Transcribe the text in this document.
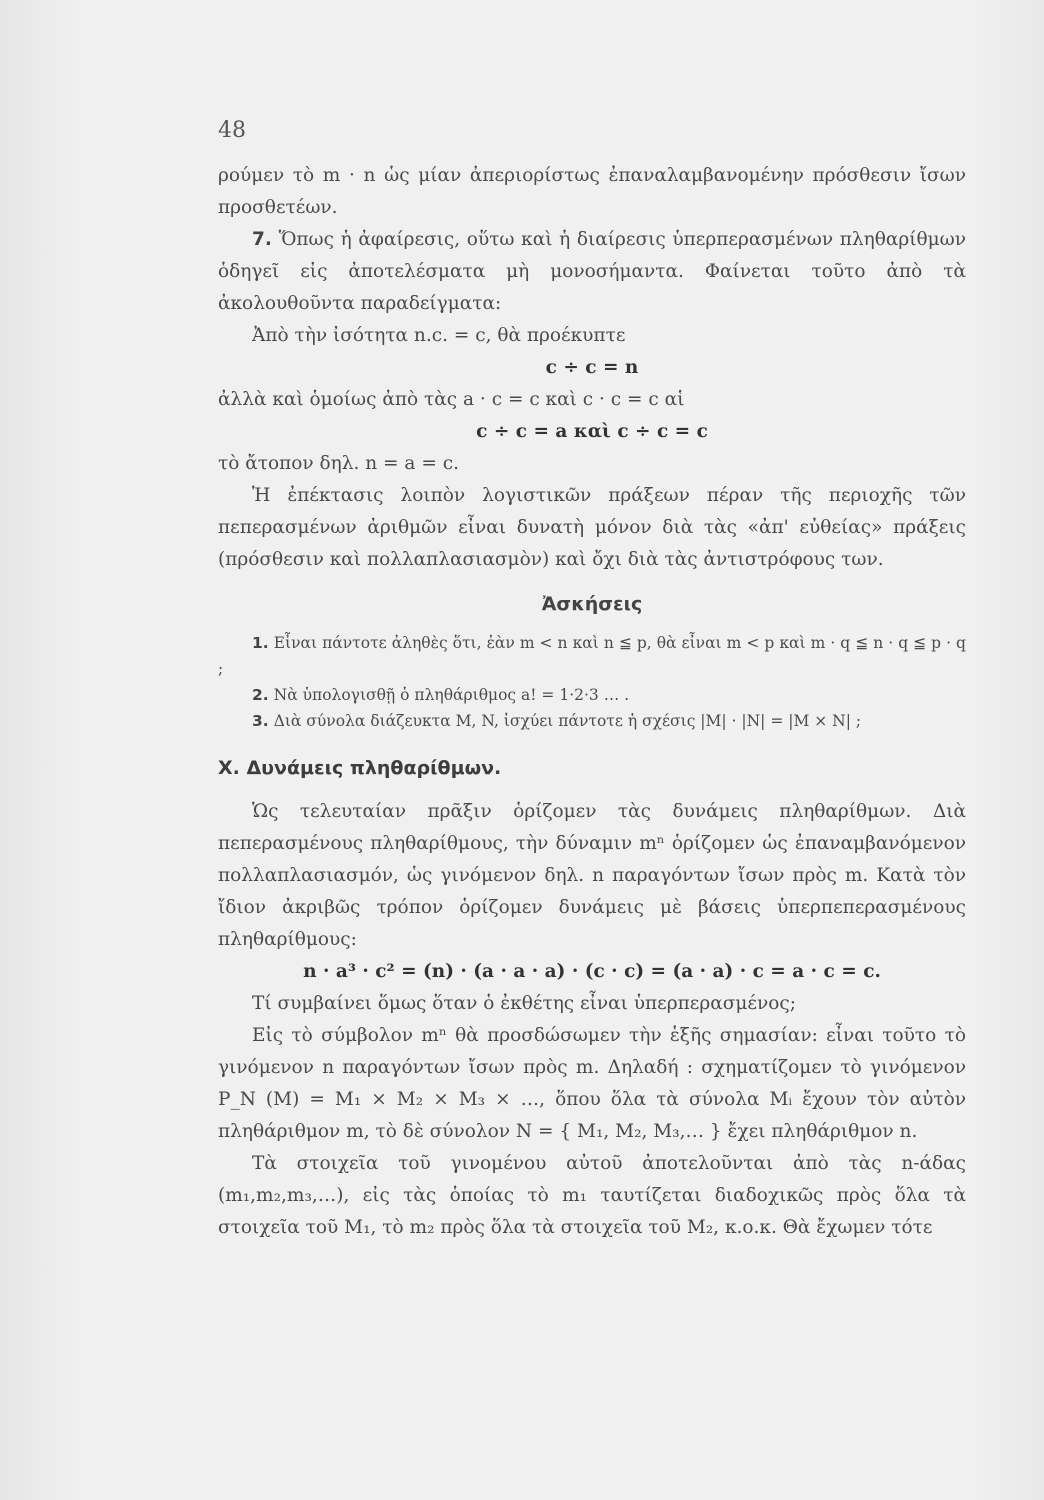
48

ρούμεν τὸ m · n ὡς μίαν ἀπεριορίστως ἐπαναλαμβανομένην πρόσθεσιν ἴσων προσθετέων.

7. Ὅπως ἡ ἀφαίρεσις, οὕτω καὶ ἡ διαίρεσις ὑπερπερασμένων πληθαρίθμων ὁδηγεῖ εἰς ἀποτελέσματα μὴ μονοσήμαντα. Φαίνεται τοῦτο ἀπὸ τὰ ἀκολουθοῦντα παραδείγματα:

Ἀπὸ τὴν ἰσότητα n.c. = c, θὰ προέκυπτε

c ÷ c = n

ἀλλὰ καὶ ὁμοίως ἀπὸ τὰς a · c = c καὶ c · c = c αἱ

c ÷ c = a καὶ c ÷ c = c

τὸ ἄτοπον δηλ. n = a = c.

Ἡ ἐπέκτασις λοιπὸν λογιστικῶν πράξεων πέραν τῆς περιοχῆς τῶν πεπερασμένων ἀριθμῶν εἶναι δυνατὴ μόνον διὰ τὰς «ἀπ' εὐθείας» πράξεις (πρόσθεσιν καὶ πολλαπλασιασμὸν) καὶ ὄχι διὰ τὰς ἀντιστρόφους των.

Ἀσκήσεις

1. Εἶναι πάντοτε ἀληθὲς ὅτι, ἐὰν m < n καὶ n ≦ p, θὰ εἶναι m < p καὶ m · q ≦ n · q ≦ p · q ;

2. Νὰ ὑπολογισθῇ ὁ πληθάριθμος a! = 1·2·3 … .

3. Διὰ σύνολα διάζευκτα M, N, ἰσχύει πάντοτε ἡ σχέσις |M| · |N| = |M × N| ;

X. Δυνάμεις πληθαρίθμων.

Ὡς τελευταίαν πρᾶξιν ὁρίζομεν τὰς δυνάμεις πληθαρίθμων. Διὰ πεπερασμένους πληθαρίθμους, τὴν δύναμιν mⁿ ὁρίζομεν ὡς ἐπαναμβανόμενον πολλαπλασιασμόν, ὡς γινόμενον δηλ. n παραγόντων ἴσων πρὸς m. Κατὰ τὸν ἴδιον ἀκριβῶς τρόπον ὁρίζομεν δυνάμεις μὲ βάσεις ὑπερπεπερασμένους πληθαρίθμους:

n · a³ · c² = (n) · (a · a · a) · (c · c) = (a · a) · c = a · c = c.

Τί συμβαίνει ὅμως ὅταν ὁ ἐκθέτης εἶναι ὑπερπερασμένος;

Εἰς τὸ σύμβολον mⁿ θὰ προσδώσωμεν τὴν ἑξῆς σημασίαν: εἶναι τοῦτο τὸ γινόμενον n παραγόντων ἴσων πρὸς m. Δηλαδή : σχηματίζομεν τὸ γινόμενον P_N (M) = M₁ × M₂ × M₃ × …, ὅπου ὅλα τὰ σύνολα Mᵢ ἔχουν τὸν αὐτὸν πληθάριθμον m, τὸ δὲ σύνολον N = { M₁, M₂, M₃,… } ἔχει πληθάριθμον n.

Τὰ στοιχεῖα τοῦ γινομένου αὐτοῦ ἀποτελοῦνται ἀπὸ τὰς n-άδας (m₁,m₂,m₃,…), εἰς τὰς ὁποίας τὸ m₁ ταυτίζεται διαδοχικῶς πρὸς ὅλα τὰ στοιχεῖα τοῦ M₁, τὸ m₂ πρὸς ὅλα τὰ στοιχεῖα τοῦ M₂, κ.ο.κ. Θὰ ἔχωμεν τότε
